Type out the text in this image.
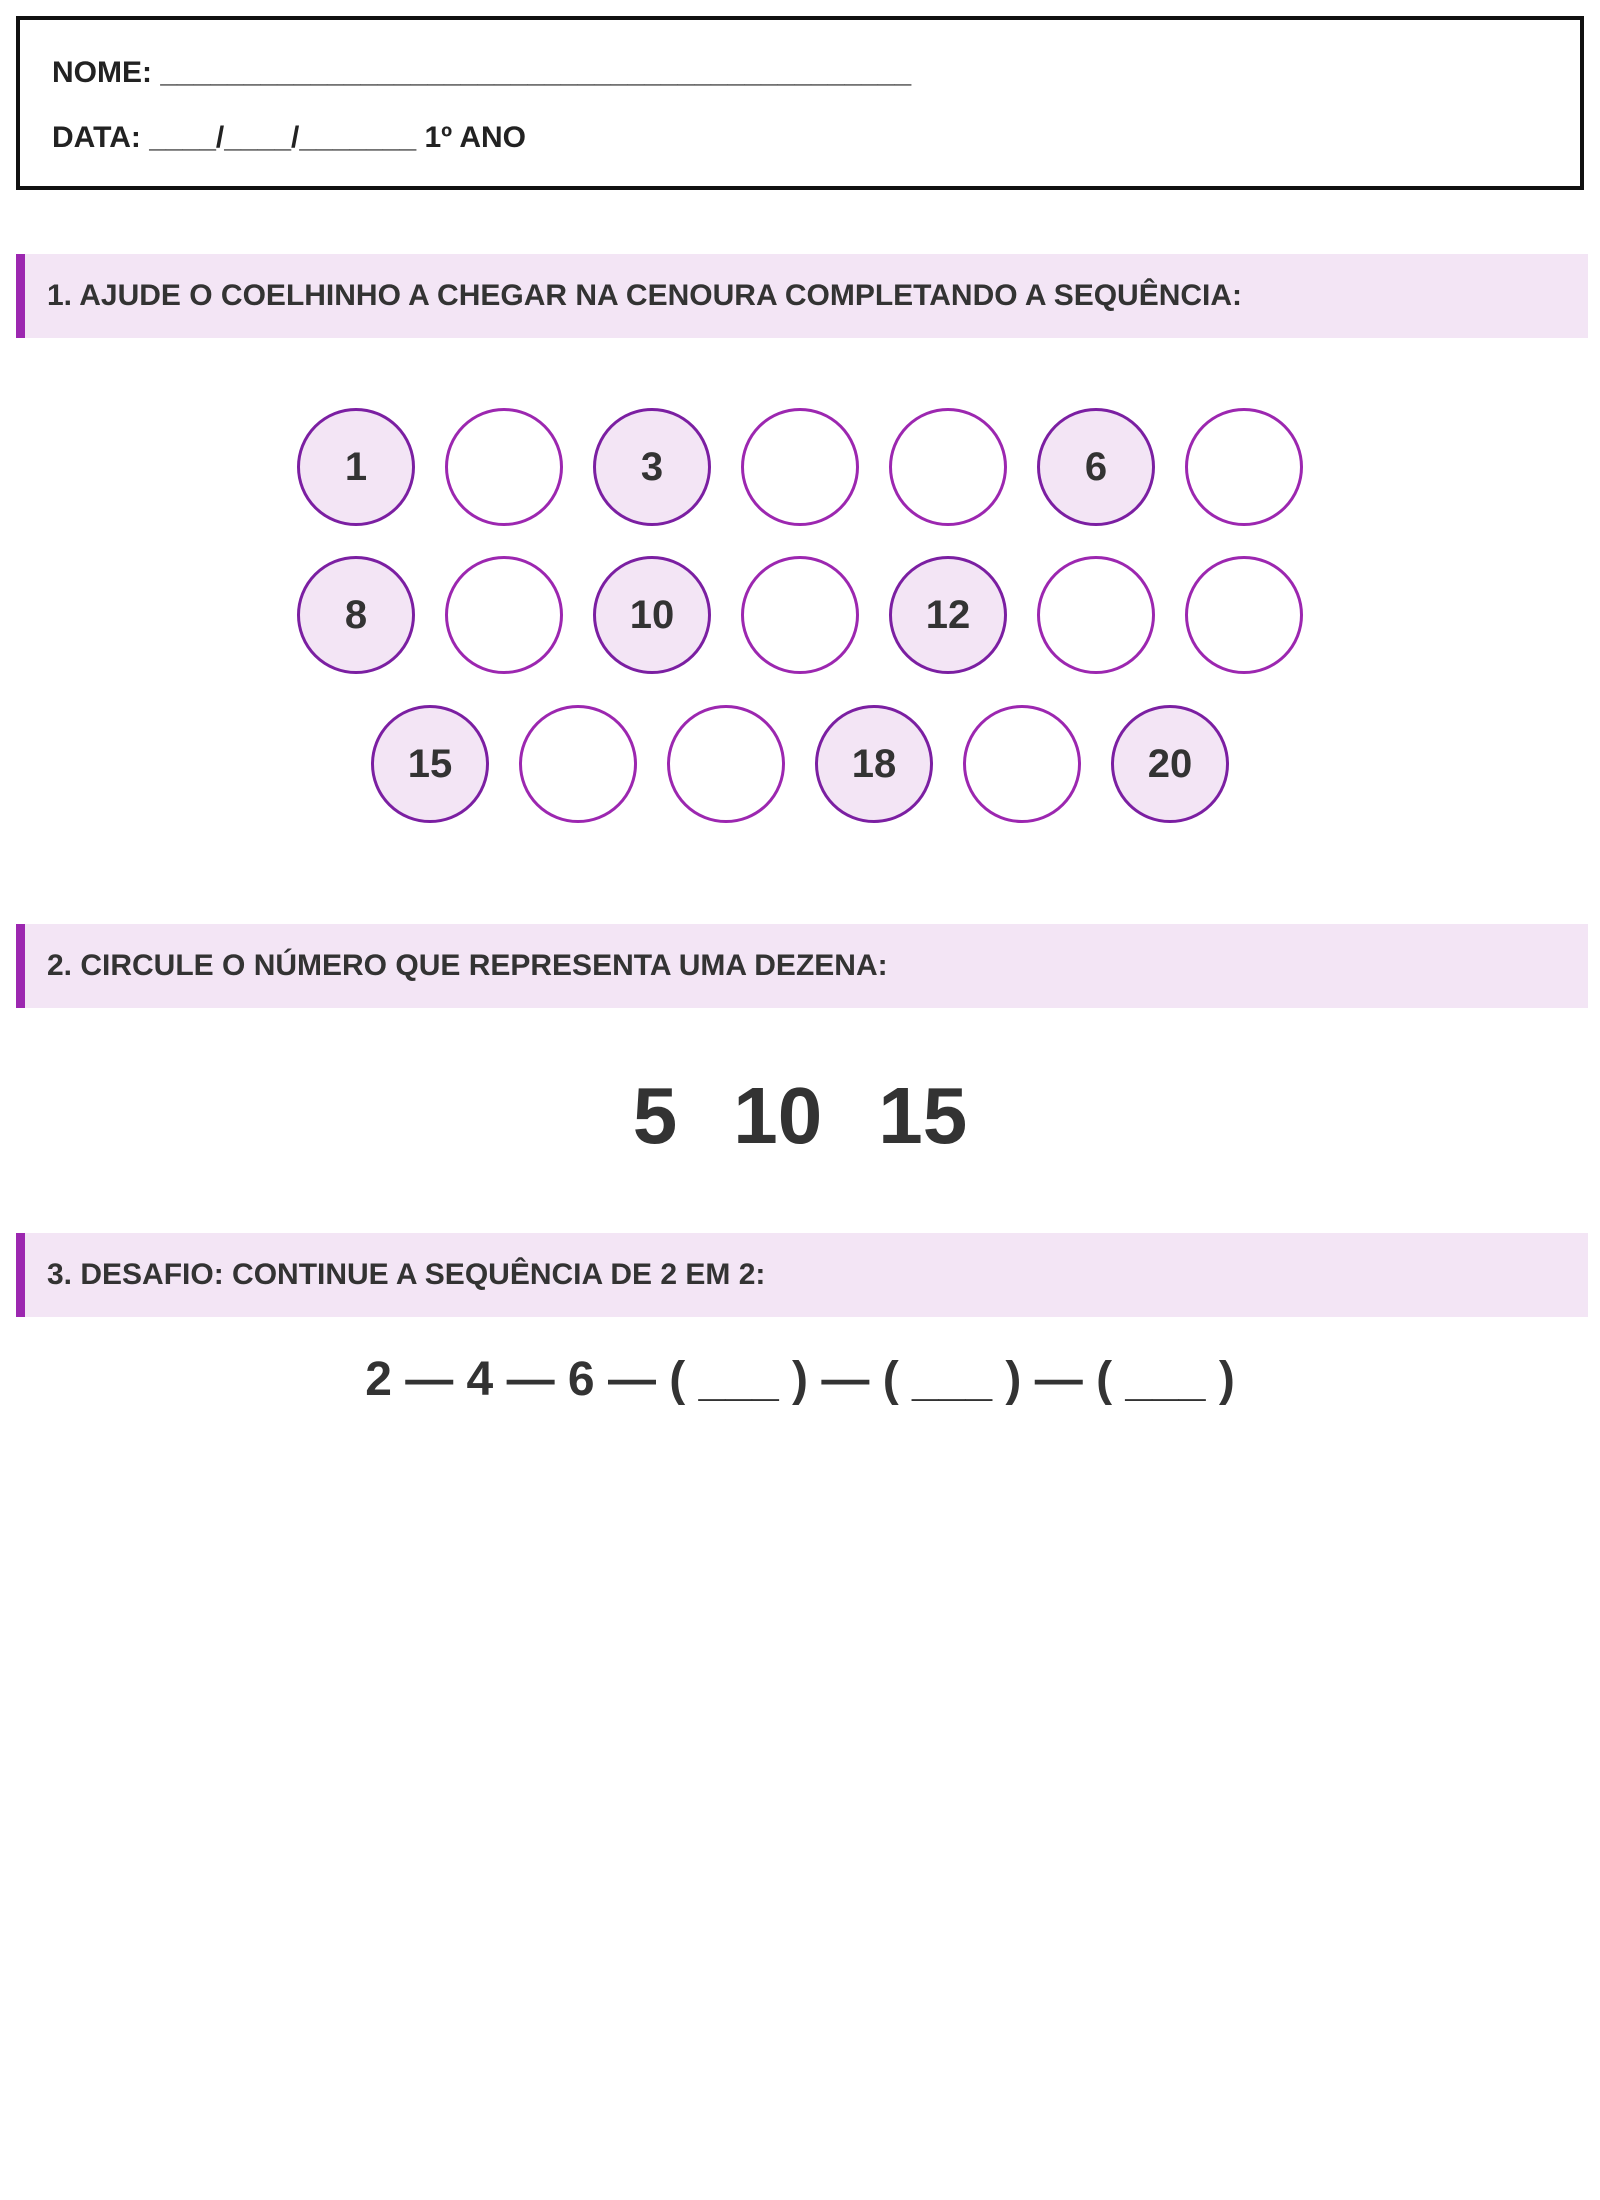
NOME: _____________________________________________
DATA: ____/____/_______ 1º ANO
1. AJUDE O COELHINHO A CHEGAR NA CENOURA COMPLETANDO A SEQUÊNCIA:
1	3	6
8	10	12
15	18	20
2. CIRCULE O NÚMERO QUE REPRESENTA UMA DEZENA:
5 10 15
3. DESAFIO: CONTINUE A SEQUÊNCIA DE 2 EM 2:
2 — 4 — 6 — ( ___ ) — ( ___ ) — ( ___ )
